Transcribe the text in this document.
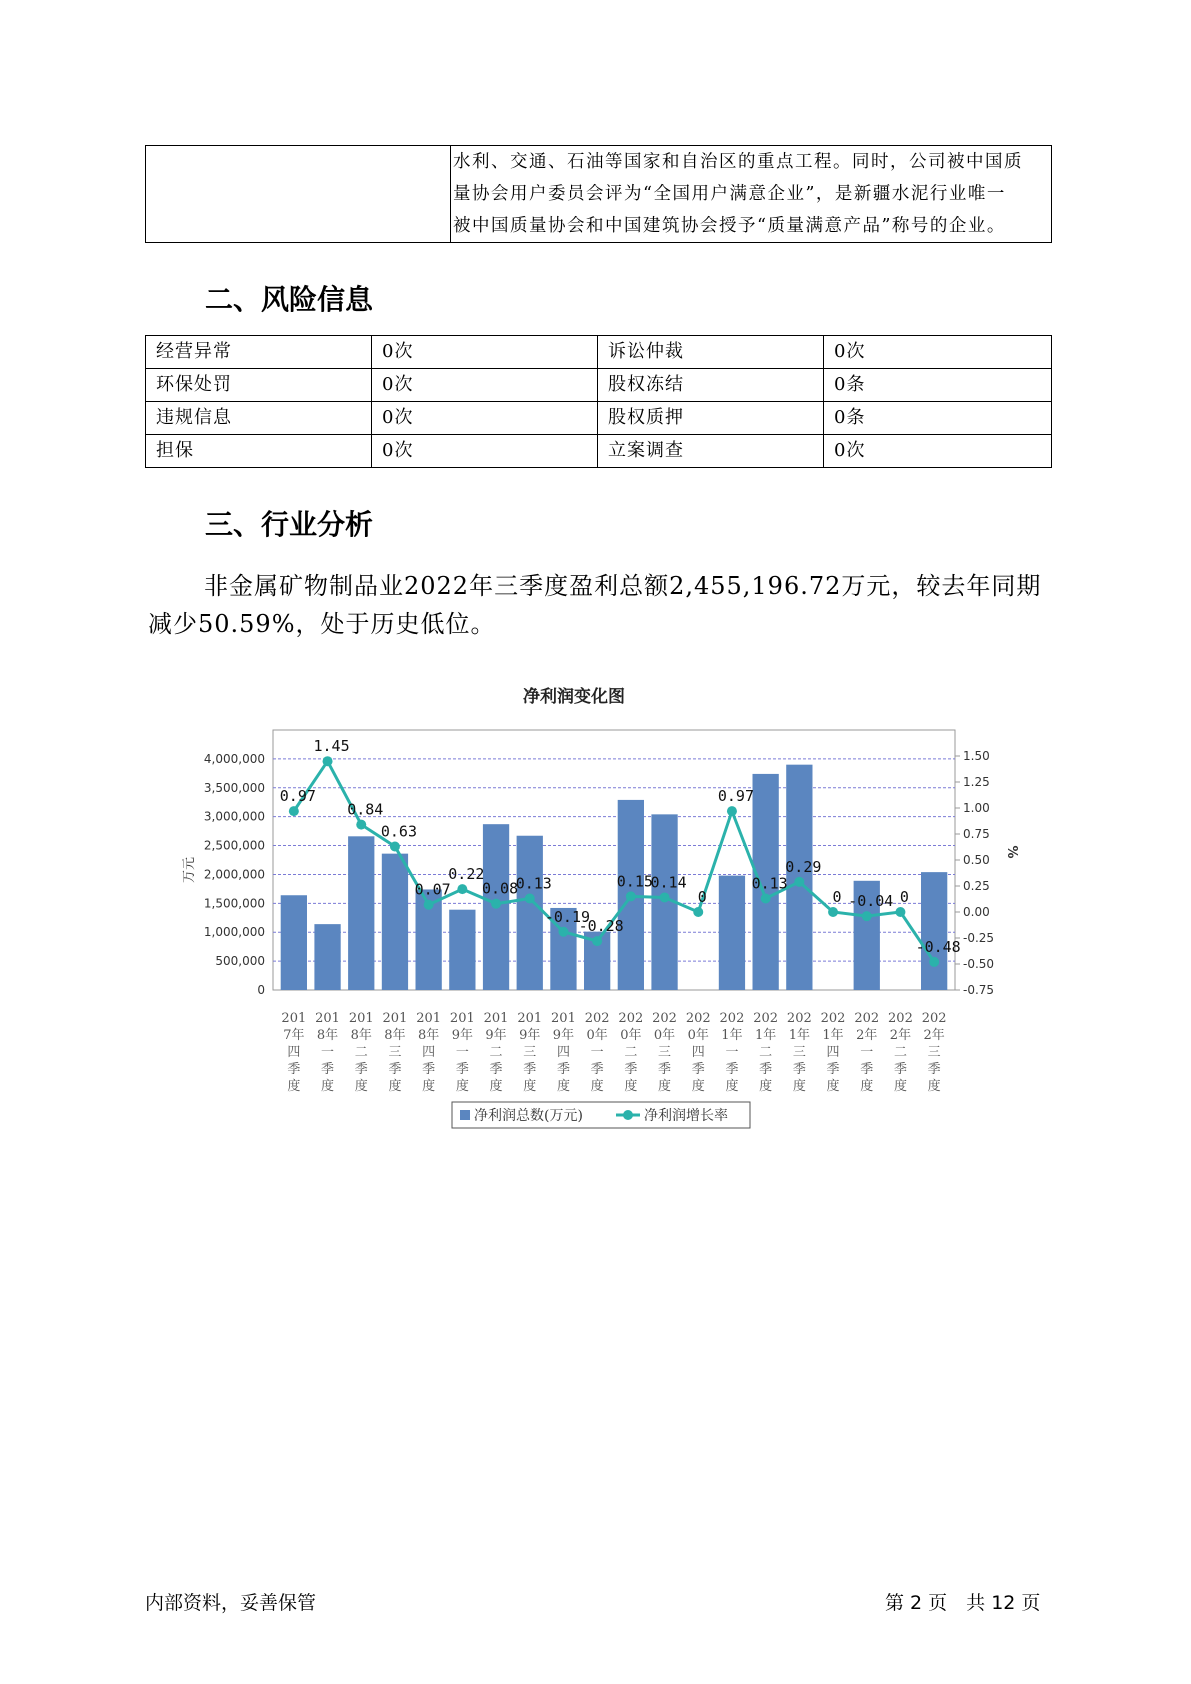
水利、交通、石油等国家和自治区的重点工程。同时，公司被中国质
量协会用户委员会评为“全国用户满意企业”，是新疆水泥行业唯一
被中国质量协会和中国建筑协会授予“质量满意产品”称号的企业。
二、风险信息
经营异常	0次	诉讼仲裁	0次
环保处罚	0次	股权冻结	0条
违规信息	0次	股权质押	0条
担保	0次	立案调查	0次
三、行业分析
非金属矿物制品业2022年三季度盈利总额2,455,196.72万元，较去年同期减少50.59%，处于历史低位。
净利润变化图
0
500,000
1,000,000
1,500,000
2,000,000
2,500,000
3,000,000
3,500,000
4,000,000
-0.75
-0.50
-0.25
0.00
0.25
0.50
0.75
1.00
1.25
1.50
万元
%
0.97
1.45
0.84
0.63
0.07
0.22
0.08
0.13
-0.19
-0.28
0.15
0.14
0
0.97
0.13
0.29
0 -0.04 0
-0.48
201 7年四季度
201 8年一季度
201 8年二季度
201 8年三季度
201 8年四季度
201 9年一季度
201 9年二季度
201 9年三季度
201 9年四季度
202 0年一季度
202 0年二季度
202 0年三季度
202 0年四季度
202 1年一季度
202 1年二季度
202 1年三季度
202 1年四季度
202 2年一季度
202 2年二季度
202 2年三季度
净利润总数(万元)	净利润增长率
内部资料，妥善保管	第 2 页　共 12 页
